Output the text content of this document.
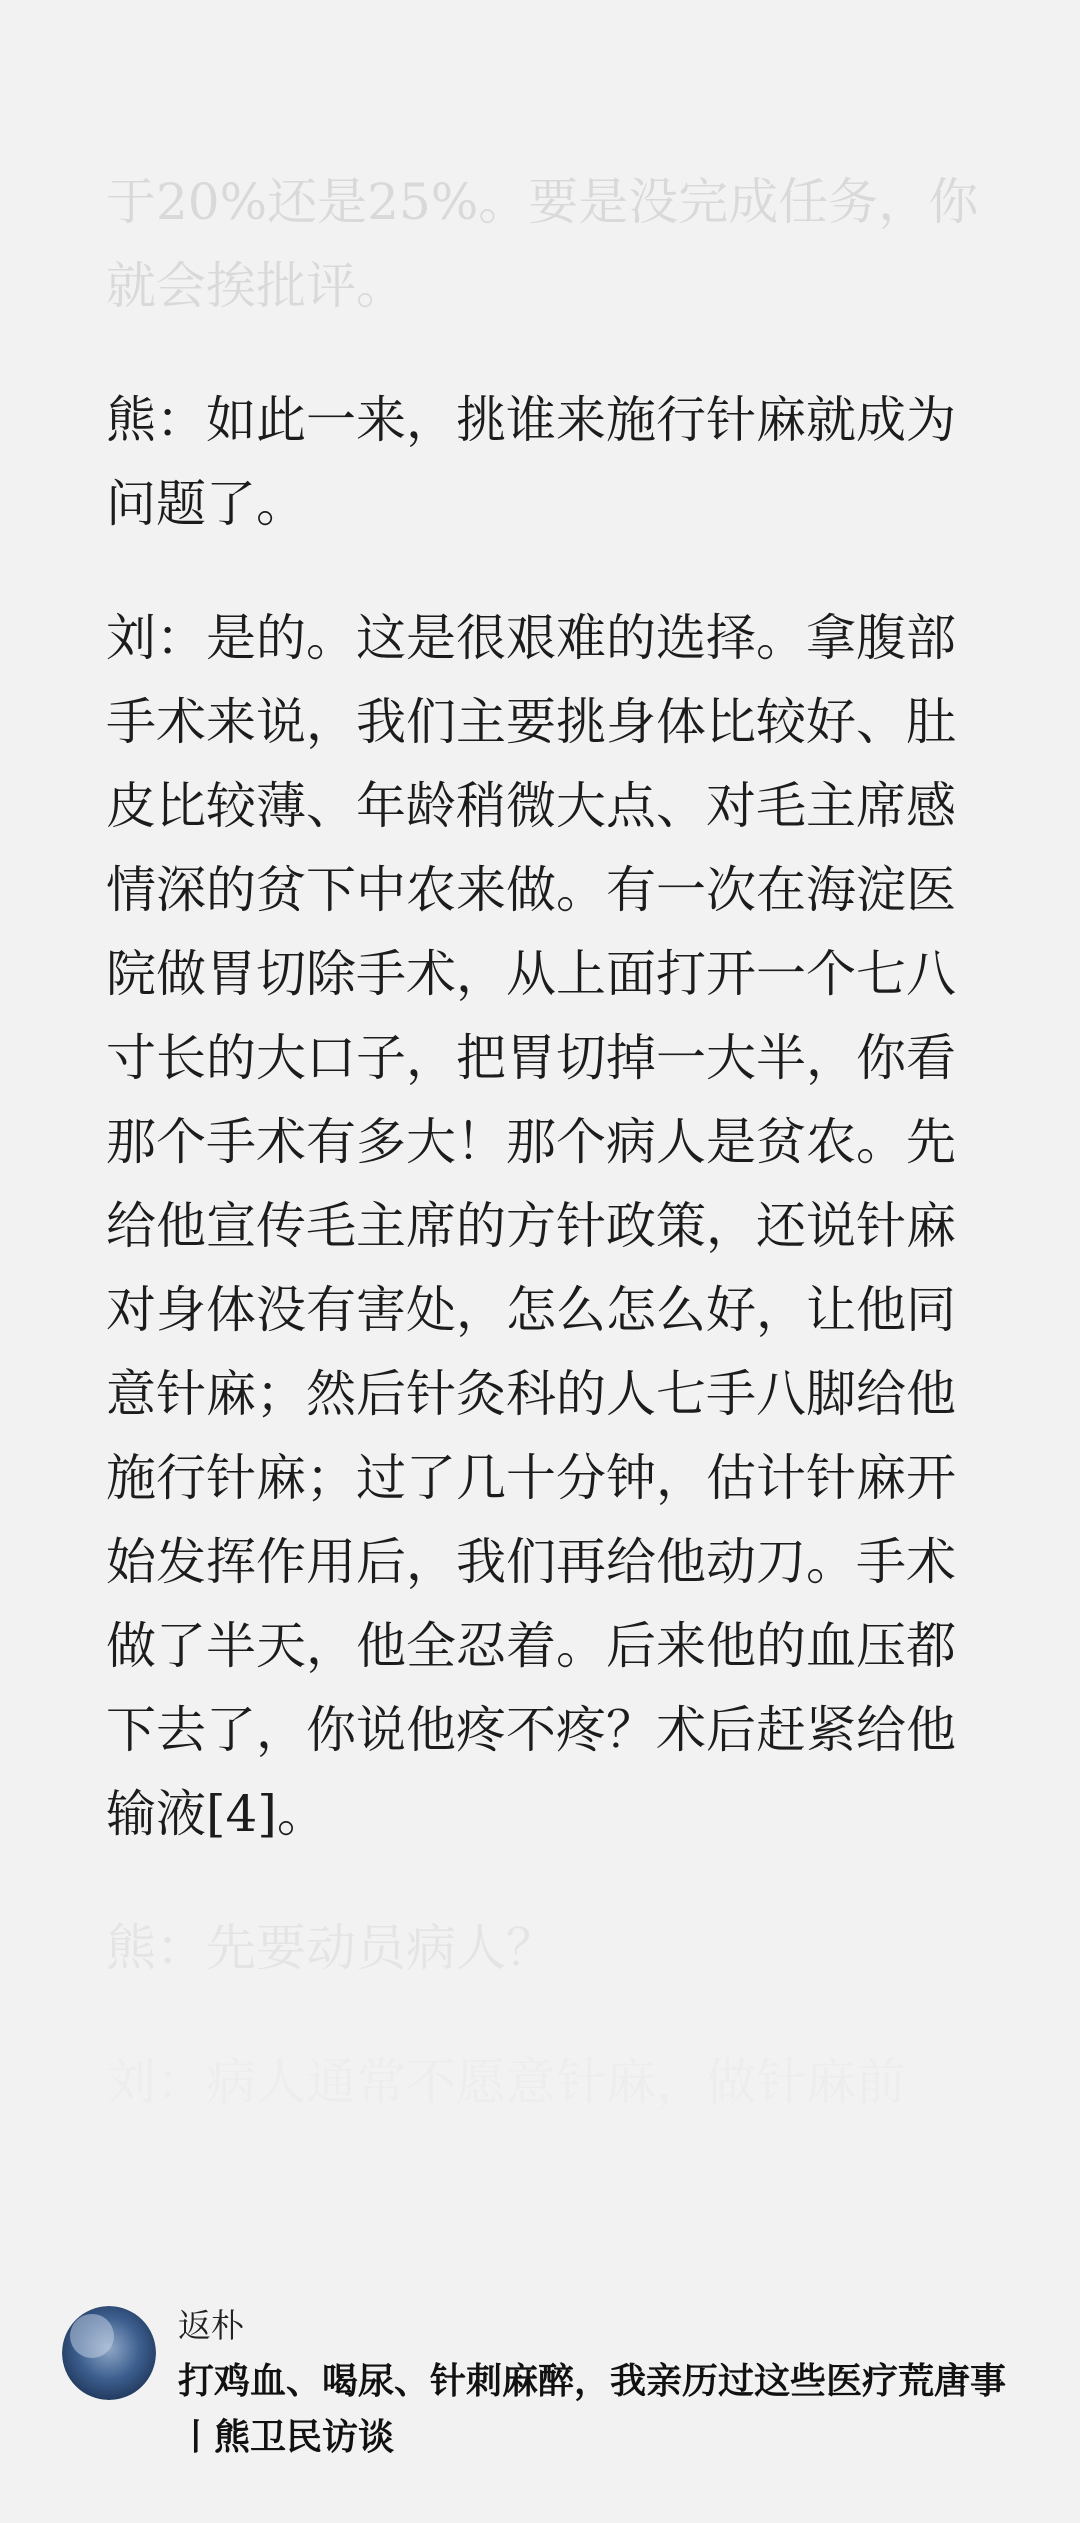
于20%还是25%。要是没完成任务，你就会挨批评。

熊：如此一来，挑谁来施行针麻就成为问题了。

刘：是的。这是很艰难的选择。拿腹部手术来说，我们主要挑身体比较好、肚皮比较薄、年龄稍微大点、对毛主席感情深的贫下中农来做。有一次在海淀医院做胃切除手术，从上面打开一个七八寸长的大口子，把胃切掉一大半，你看那个手术有多大！那个病人是贫农。先给他宣传毛主席的方针政策，还说针麻对身体没有害处，怎么怎么好，让他同意针麻；然后针灸科的人七手八脚给他施行针麻；过了几十分钟，估计针麻开始发挥作用后，我们再给他动刀。手术做了半天，他全忍着。后来他的血压都下去了，你说他疼不疼？术后赶紧给他输液[4]。

熊：先要动员病人？

刘：病人通常不愿意针麻，做针麻前

返朴
打鸡血、喝尿、针刺麻醉，我亲历过这些医疗荒唐事丨熊卫民访谈
